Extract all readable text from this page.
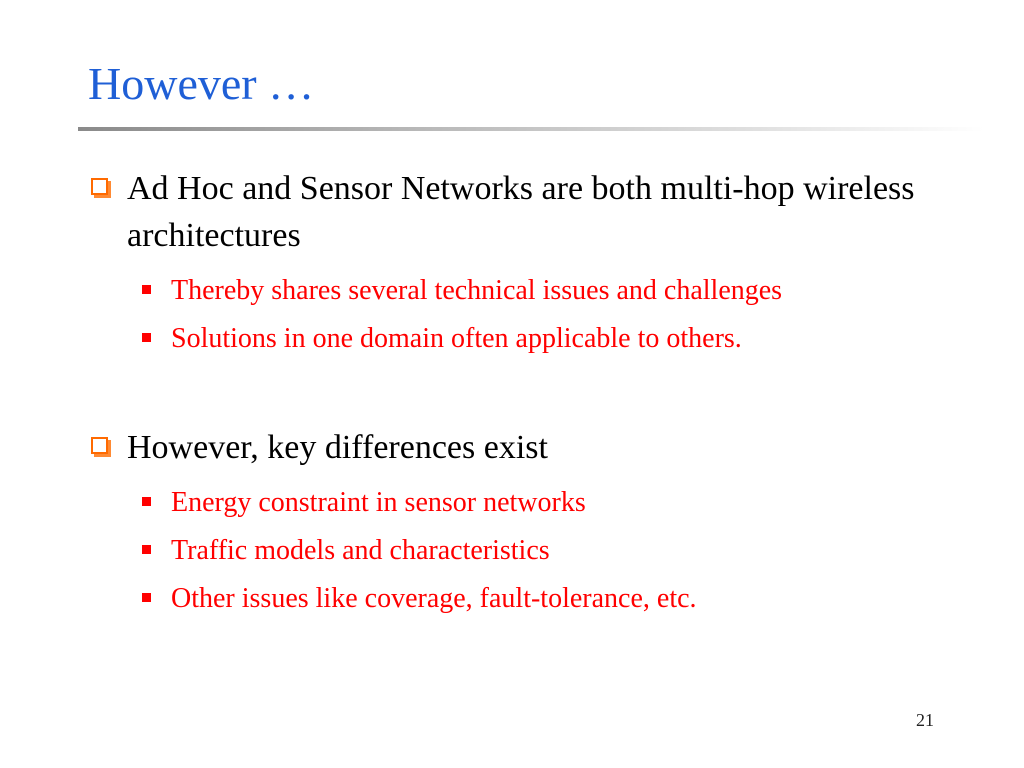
However …
Ad Hoc and Sensor Networks are both multi-hop wireless architectures
Thereby shares several technical issues and challenges
Solutions in one domain often applicable to others.
However, key differences exist
Energy constraint in sensor networks
Traffic models and characteristics
Other issues like coverage, fault-tolerance, etc.
21
